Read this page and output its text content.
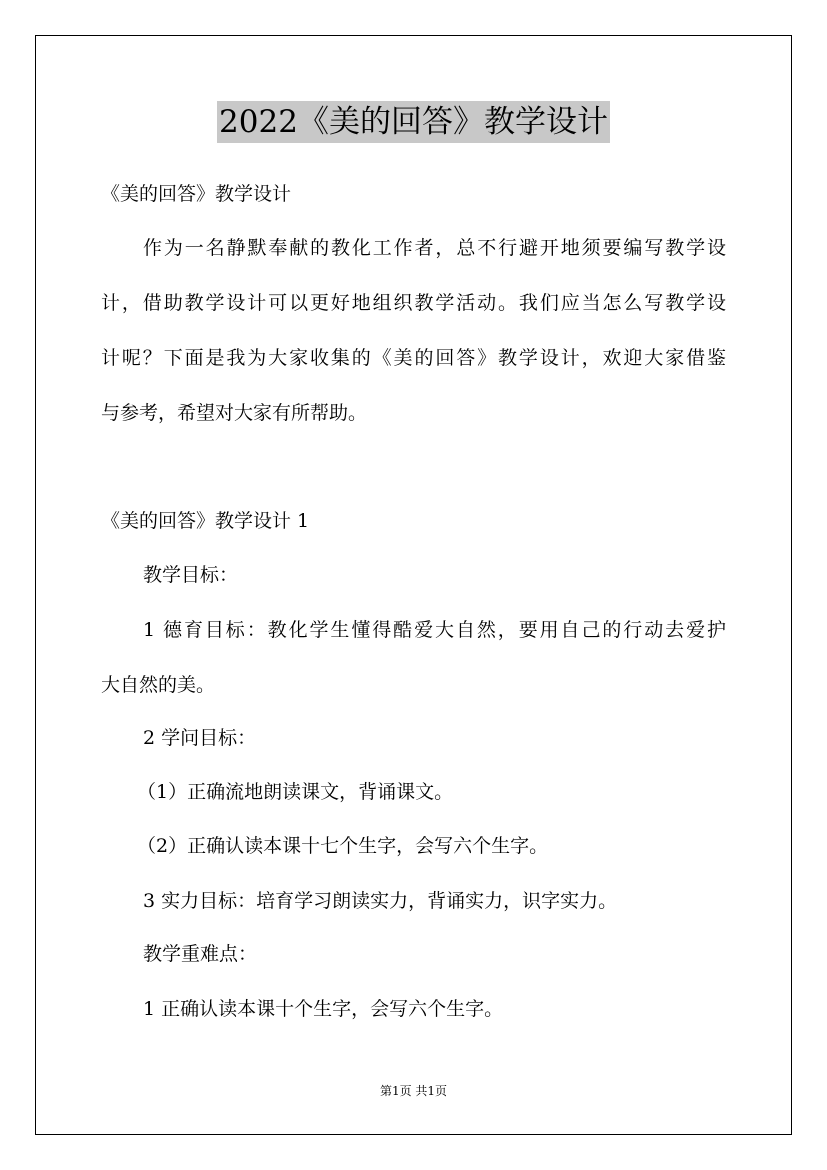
2022《美的回答》教学设计
《美的回答》教学设计
作为一名静默奉献的教化工作者，总不行避开地须要编写教学设
计，借助教学设计可以更好地组织教学活动。我们应当怎么写教学设
计呢？下面是我为大家收集的《美的回答》教学设计，欢迎大家借鉴
与参考，希望对大家有所帮助。
《美的回答》教学设计 1
教学目标：
1 德育目标：教化学生懂得酷爱大自然，要用自己的行动去爱护
大自然的美。
2 学问目标：
（1）正确流地朗读课文，背诵课文。
（2）正确认读本课十七个生字，会写六个生字。
3 实力目标：培育学习朗读实力，背诵实力，识字实力。
教学重难点：
1 正确认读本课十个生字，会写六个生字。
第1页 共1页
